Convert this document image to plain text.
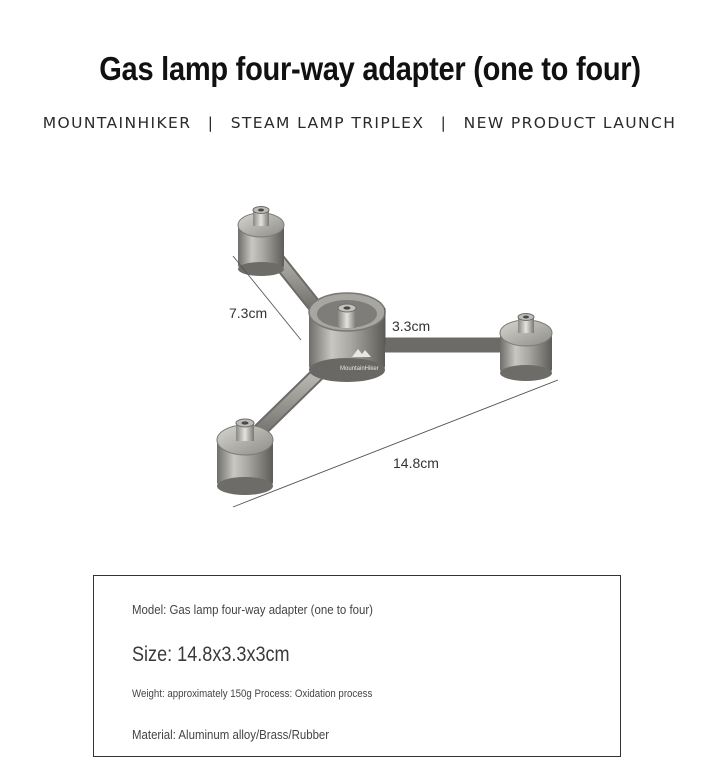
Gas lamp four-way adapter (one to four)
MOUNTAINHIKER | STEAM LAMP TRIPLEX | NEW PRODUCT LAUNCH
MountainHiker
7.3cm
3.3cm
14.8cm
Model: Gas lamp four-way adapter (one to four)
Size: 14.8x3.3x3cm
Weight: approximately 150g Process: Oxidation process
Material: Aluminum alloy/Brass/Rubber
